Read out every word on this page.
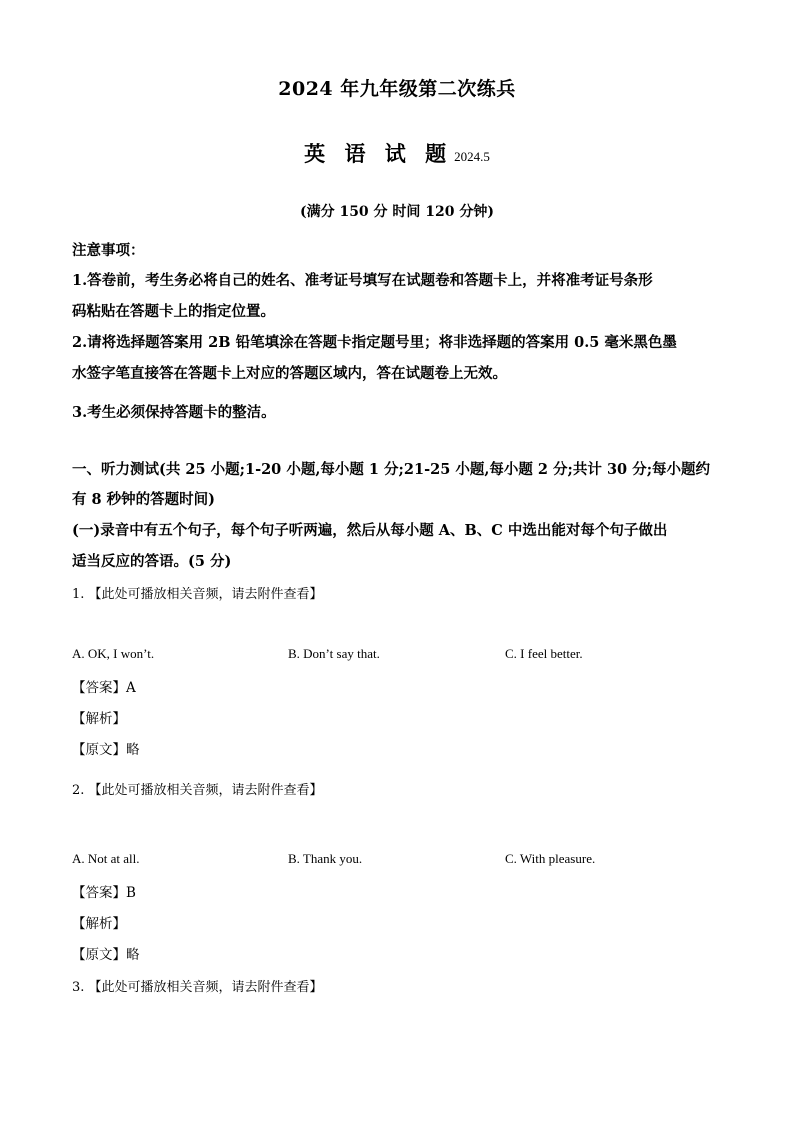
2024 年九年级第二次练兵
英 语 试 题 2024.5
(满分 150 分 时间 120 分钟)
注意事项：
1.答卷前，考生务必将自己的姓名、准考证号填写在试题卷和答题卡上，并将准考证号条形
码粘贴在答题卡上的指定位置。
2.请将选择题答案用 2B 铅笔填涂在答题卡指定题号里；将非选择题的答案用 0.5 毫米黑色墨
水签字笔直接答在答题卡上对应的答题区域内，答在试题卷上无效。
3.考生必须保持答题卡的整洁。
一、听力测试(共 25 小题;1-20 小题,每小题 1 分;21-25 小题,每小题 2 分;共计 30 分;每小题约
有 8 秒钟的答题时间)
(一)录音中有五个句子，每个句子听两遍，然后从每小题 A、B、C 中选出能对每个句子做出
适当反应的答语。(5 分)
1. 【此处可播放相关音频，请去附件查看】
A. OK, I won’t.	B. Don’t say that.	C. I feel better.
【答案】A
【解析】
【原文】略
2. 【此处可播放相关音频，请去附件查看】
A. Not at all.	B. Thank you.	C. With pleasure.
【答案】B
【解析】
【原文】略
3. 【此处可播放相关音频，请去附件查看】
